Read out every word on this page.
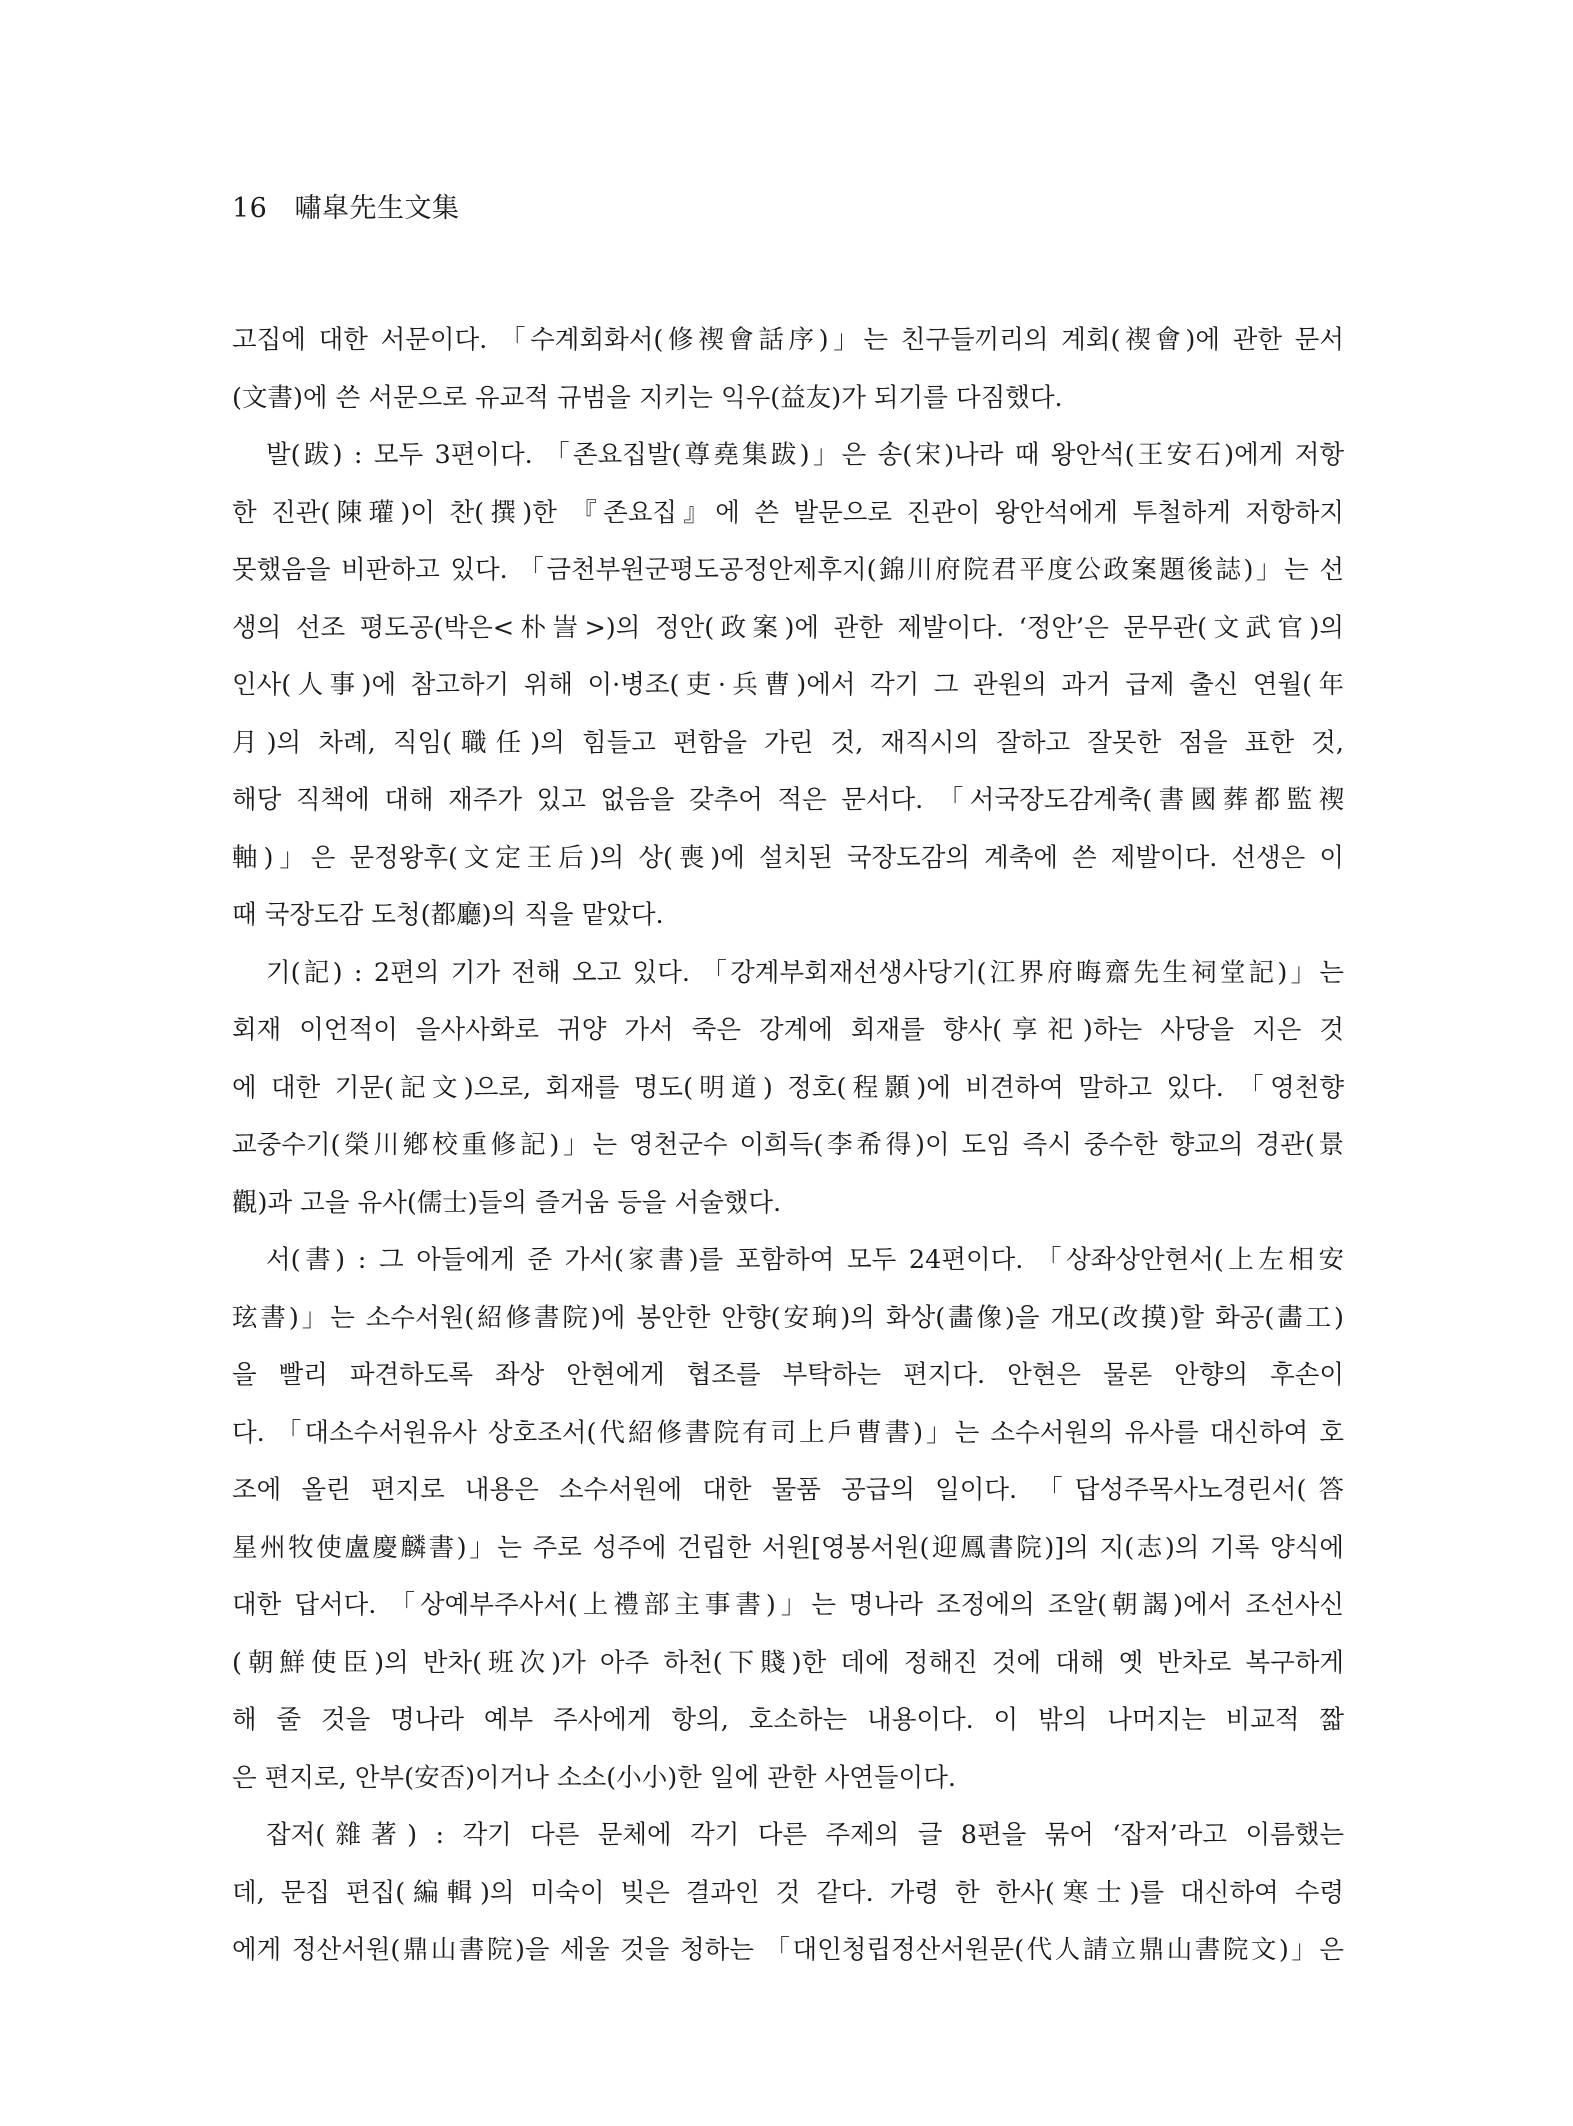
16 嘯皐先生文集
고집에 대한 서문이다. 「수계회화서(修禊會話序)」는 친구들끼리의 계회(禊會)에 관한 문서
(文書)에 쓴 서문으로 유교적 규범을 지키는 익우(益友)가 되기를 다짐했다.
발(跋) : 모두 3편이다. 「존요집발(尊堯集跋)」은 송(宋)나라 때 왕안석(王安石)에게 저항
한 진관(陳瓘)이 찬(撰)한 『존요집』에 쓴 발문으로 진관이 왕안석에게 투철하게 저항하지
못했음을 비판하고 있다. 「금천부원군평도공정안제후지(錦川府院君平度公政案題後誌)」는 선
생의 선조 평도공(박은<朴訔>)의 정안(政案)에 관한 제발이다. ‘정안’은 문무관(文武官)의
인사(人事)에 참고하기 위해 이·병조(吏·兵曹)에서 각기 그 관원의 과거 급제 출신 연월(年
月)의 차례, 직임(職任)의 힘들고 편함을 가린 것, 재직시의 잘하고 잘못한 점을 표한 것,
해당 직책에 대해 재주가 있고 없음을 갖추어 적은 문서다. 「서국장도감계축(書國葬都監禊
軸)」은 문정왕후(文定王后)의 상(喪)에 설치된 국장도감의 계축에 쓴 제발이다. 선생은 이
때 국장도감 도청(都廳)의 직을 맡았다.
기(記) : 2편의 기가 전해 오고 있다. 「강계부회재선생사당기(江界府晦齋先生祠堂記)」는
회재 이언적이 을사사화로 귀양 가서 죽은 강계에 회재를 향사(享祀)하는 사당을 지은 것
에 대한 기문(記文)으로, 회재를 명도(明道) 정호(程顥)에 비견하여 말하고 있다. 「영천향
교중수기(榮川鄕校重修記)」는 영천군수 이희득(李希得)이 도임 즉시 중수한 향교의 경관(景
觀)과 고을 유사(儒士)들의 즐거움 등을 서술했다.
서(書) : 그 아들에게 준 가서(家書)를 포함하여 모두 24편이다. 「상좌상안현서(上左相安
玹書)」는 소수서원(紹修書院)에 봉안한 안향(安珦)의 화상(畵像)을 개모(改摸)할 화공(畵工)
을 빨리 파견하도록 좌상 안현에게 협조를 부탁하는 편지다. 안현은 물론 안향의 후손이
다. 「대소수서원유사 상호조서(代紹修書院有司上戶曹書)」는 소수서원의 유사를 대신하여 호
조에 올린 편지로 내용은 소수서원에 대한 물품 공급의 일이다. 「답성주목사노경린서(答
星州牧使盧慶麟書)」는 주로 성주에 건립한 서원[영봉서원(迎鳳書院)]의 지(志)의 기록 양식에
대한 답서다. 「상예부주사서(上禮部主事書)」는 명나라 조정에의 조알(朝謁)에서 조선사신
(朝鮮使臣)의 반차(班次)가 아주 하천(下賤)한 데에 정해진 것에 대해 옛 반차로 복구하게
해 줄 것을 명나라 예부 주사에게 항의, 호소하는 내용이다. 이 밖의 나머지는 비교적 짧
은 편지로, 안부(安否)이거나 소소(小小)한 일에 관한 사연들이다.
잡저(雜著) : 각기 다른 문체에 각기 다른 주제의 글 8편을 묶어 ‘잡저’라고 이름했는
데, 문집 편집(編輯)의 미숙이 빚은 결과인 것 같다. 가령 한 한사(寒士)를 대신하여 수령
에게 정산서원(鼎山書院)을 세울 것을 청하는 「대인청립정산서원문(代人請立鼎山書院文)」은
